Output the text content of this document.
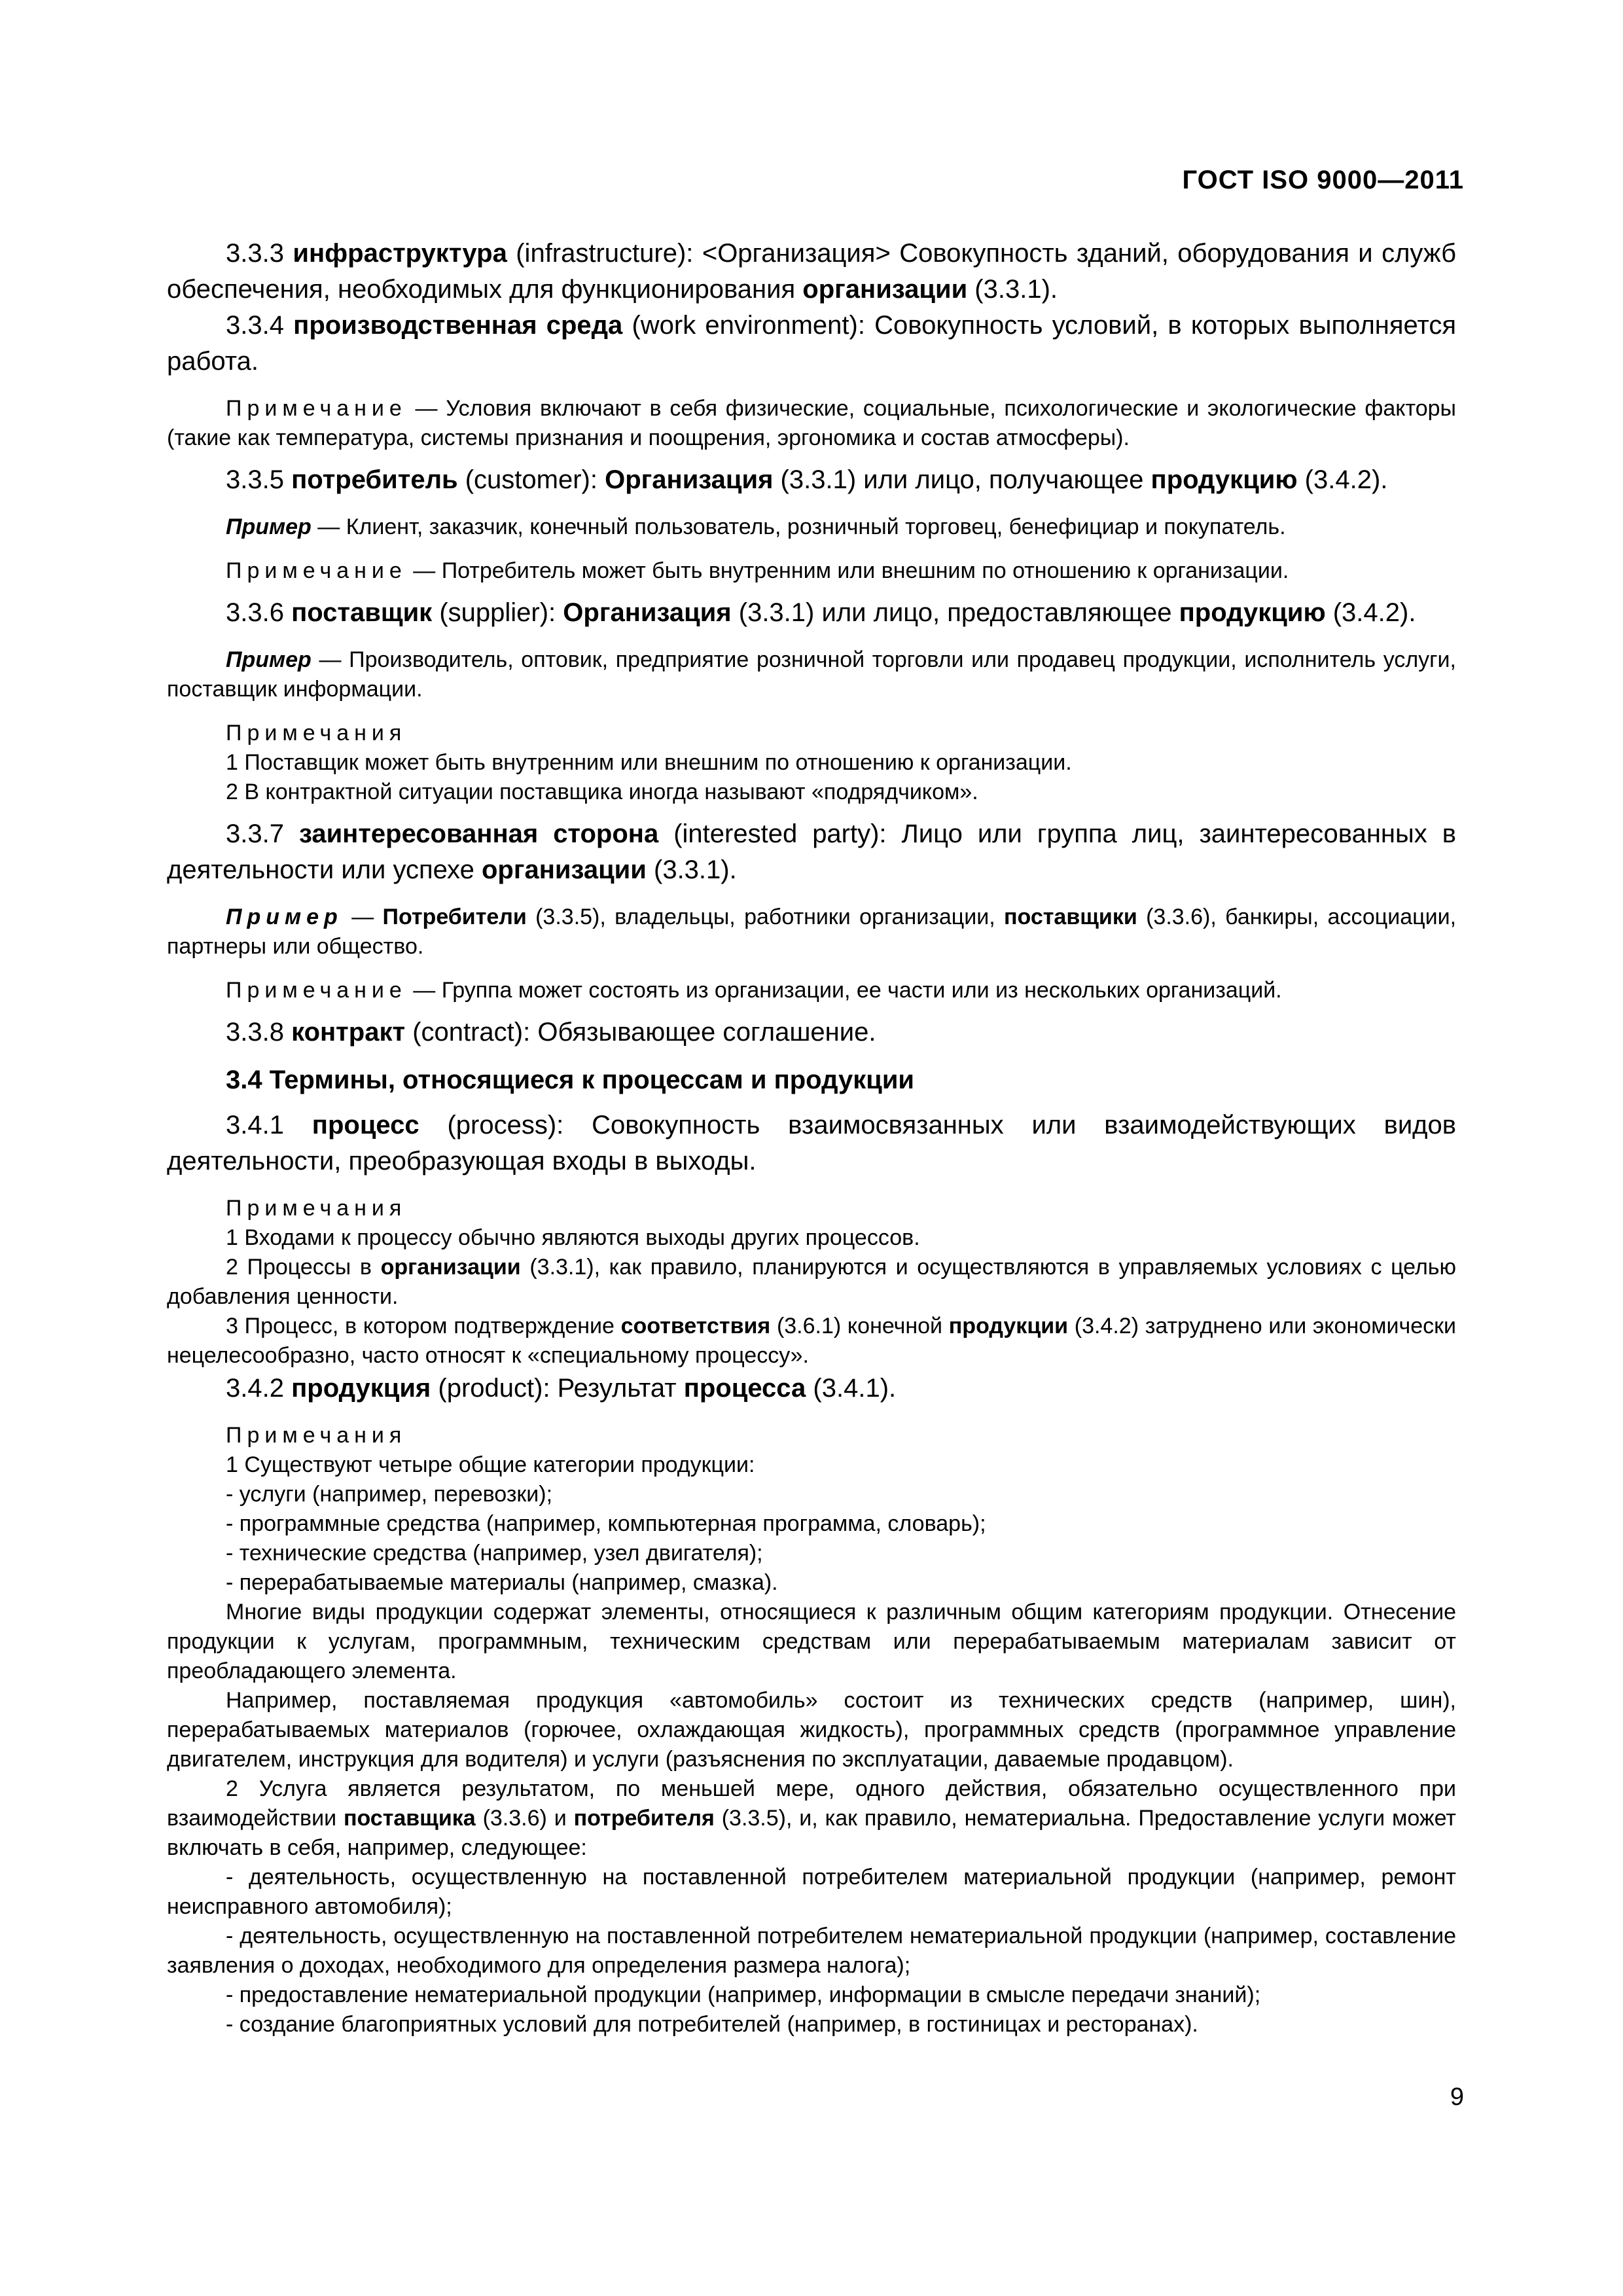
ГОСТ ISO 9000—2011

3.3.3 инфраструктура (infrastructure): <Организация> Совокупность зданий, оборудования и служб обеспечения, необходимых для функционирования организации (3.3.1).

3.3.4 производственная среда (work environment): Совокупность условий, в которых выполняется работа.

Примечание — Условия включают в себя физические, социальные, психологические и экологические факторы (такие как температура, системы признания и поощрения, эргономика и состав атмосферы).

3.3.5 потребитель (customer): Организация (3.3.1) или лицо, получающее продукцию (3.4.2).

Пример — Клиент, заказчик, конечный пользователь, розничный торговец, бенефициар и покупатель.

Примечание — Потребитель может быть внутренним или внешним по отношению к организации.

3.3.6 поставщик (supplier): Организация (3.3.1) или лицо, предоставляющее продукцию (3.4.2).

Пример — Производитель, оптовик, предприятие розничной торговли или продавец продукции, исполнитель услуги, поставщик информации.

Примечания

1 Поставщик может быть внутренним или внешним по отношению к организации.

2 В контрактной ситуации поставщика иногда называют «подрядчиком».

3.3.7 заинтересованная сторона (interested party): Лицо или группа лиц, заинтересованных в деятельности или успехе организации (3.3.1).

Пример — Потребители (3.3.5), владельцы, работники организации, поставщики (3.3.6), банкиры, ассоциации, партнеры или общество.

Примечание — Группа может состоять из организации, ее части или из нескольких организаций.

3.3.8 контракт (contract): Обязывающее соглашение.

3.4 Термины, относящиеся к процессам и продукции

3.4.1 процесс (process): Совокупность взаимосвязанных или взаимодействующих видов деятельности, преобразующая входы в выходы.

Примечания

1 Входами к процессу обычно являются выходы других процессов.

2 Процессы в организации (3.3.1), как правило, планируются и осуществляются в управляемых условиях с целью добавления ценности.

3 Процесс, в котором подтверждение соответствия (3.6.1) конечной продукции (3.4.2) затруднено или экономически нецелесообразно, часто относят к «специальному процессу».

3.4.2 продукция (product): Результат процесса (3.4.1).

Примечания

1 Существуют четыре общие категории продукции:

- услуги (например, перевозки);

- программные средства (например, компьютерная программа, словарь);

- технические средства (например, узел двигателя);

- перерабатываемые материалы (например, смазка).

Многие виды продукции содержат элементы, относящиеся к различным общим категориям продукции. Отнесение продукции к услугам, программным, техническим средствам или перерабатываемым материалам зависит от преобладающего элемента.

Например, поставляемая продукция «автомобиль» состоит из технических средств (например, шин), перерабатываемых материалов (горючее, охлаждающая жидкость), программных средств (программное управление двигателем, инструкция для водителя) и услуги (разъяснения по эксплуатации, даваемые продавцом).

2 Услуга является результатом, по меньшей мере, одного действия, обязательно осуществленного при взаимодействии поставщика (3.3.6) и потребителя (3.3.5), и, как правило, нематериальна. Предоставление услуги может включать в себя, например, следующее:

- деятельность, осуществленную на поставленной потребителем материальной продукции (например, ремонт неисправного автомобиля);

- деятельность, осуществленную на поставленной потребителем нематериальной продукции (например, составление заявления о доходах, необходимого для определения размера налога);

- предоставление нематериальной продукции (например, информации в смысле передачи знаний);

- создание благоприятных условий для потребителей (например, в гостиницах и ресторанах).

9
